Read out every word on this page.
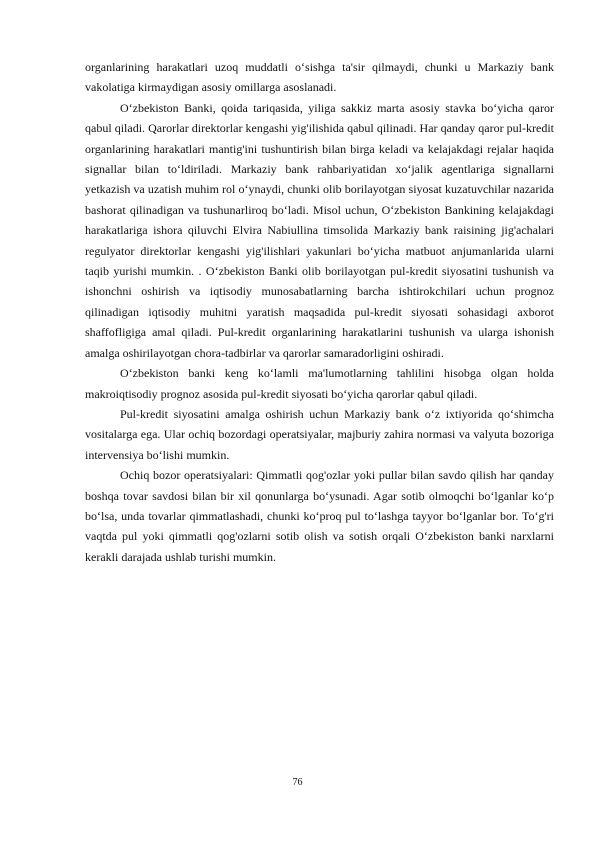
organlarining harakatlari uzoq muddatli o‘sishga ta'sir qilmaydi, chunki u Markaziy bank vakolatiga kirmaydigan asosiy omillarga asoslanadi.

O‘zbekiston Banki, qoida tariqasida, yiliga sakkiz marta asosiy stavka bo‘yicha qaror qabul qiladi. Qarorlar direktorlar kengashi yig'ilishida qabul qilinadi. Har qanday qaror pul-kredit organlarining harakatlari mantig'ini tushuntirish bilan birga keladi va kelajakdagi rejalar haqida signallar bilan to‘ldiriladi. Markaziy bank rahbariyatidan xo‘jalik agentlariga signallarni yetkazish va uzatish muhim rol o‘ynaydi, chunki olib borilayotgan siyosat kuzatuvchilar nazarida bashorat qilinadigan va tushunarliroq bo‘ladi. Misol uchun, O‘zbekiston Bankining kelajakdagi harakatlariga ishora qiluvchi Elvira Nabiullina timsolida Markaziy bank raisining jig'achalari regulyator direktorlar kengashi yig'ilishlari yakunlari bo‘yicha matbuot anjumanlarida ularni taqib yurishi mumkin. . O‘zbekiston Banki olib borilayotgan pul-kredit siyosatini tushunish va ishonchni oshirish va iqtisodiy munosabatlarning barcha ishtirokchilari uchun prognoz qilinadigan iqtisodiy muhitni yaratish maqsadida pul-kredit siyosati sohasidagi axborot shaffofligiga amal qiladi. Pul-kredit organlarining harakatlarini tushunish va ularga ishonish amalga oshirilayotgan chora-tadbirlar va qarorlar samaradorligini oshiradi.

O‘zbekiston banki keng ko‘lamli ma'lumotlarning tahlilini hisobga olgan holda makroiqtisodiy prognoz asosida pul-kredit siyosati bo‘yicha qarorlar qabul qiladi.

Pul-kredit siyosatini amalga oshirish uchun Markaziy bank o‘z ixtiyorida qo‘shimcha vositalarga ega. Ular ochiq bozordagi operatsiyalar, majburiy zahira normasi va valyuta bozoriga intervensiya bo‘lishi mumkin.

Ochiq bozor operatsiyalari: Qimmatli qog'ozlar yoki pullar bilan savdo qilish har qanday boshqa tovar savdosi bilan bir xil qonunlarga bo‘ysunadi. Agar sotib olmoqchi bo‘lganlar ko‘p bo‘lsa, unda tovarlar qimmatlashadi, chunki ko‘proq pul to‘lashga tayyor bo‘lganlar bor. To‘g'ri vaqtda pul yoki qimmatli qog'ozlarni sotib olish va sotish orqali O‘zbekiston banki narxlarni kerakli darajada ushlab turishi mumkin.

76
